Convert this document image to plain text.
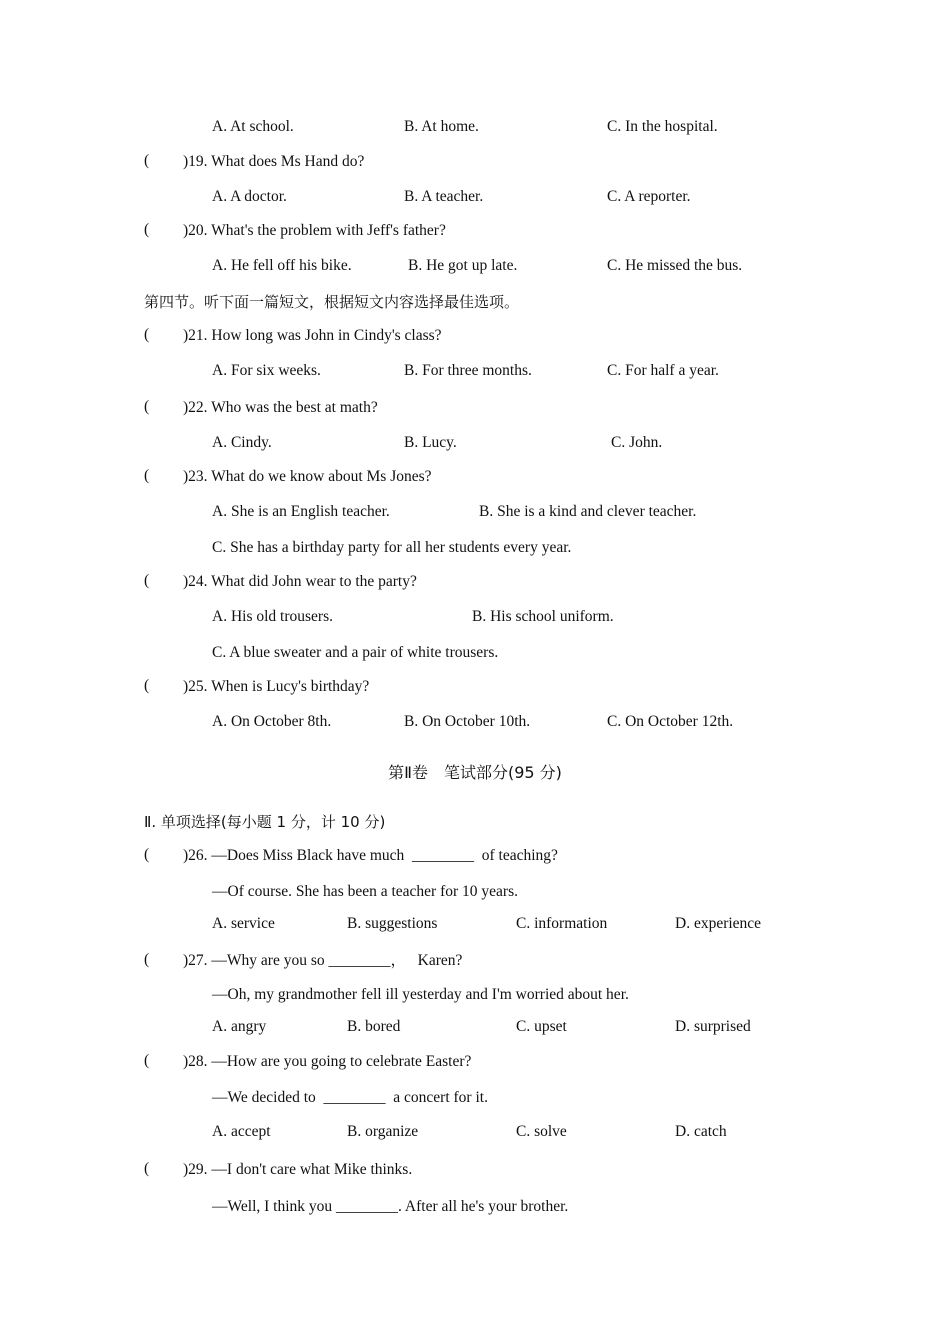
A. At school.	B. At home.	C. In the hospital.
( )19. What does Ms Hand do?
A. A doctor.	B. A teacher.	C. A reporter.
( )20. What's the problem with Jeff's father?
A. He fell off his bike.	B. He got up late.	C. He missed the bus.
第四节。听下面一篇短文，根据短文内容选择最佳选项。
( )21. How long was John in Cindy's class?
A. For six weeks.	B. For three months.	C. For half a year.
( )22. Who was the best at math?
A. Cindy.	B. Lucy.	C. John.
( )23. What do we know about Ms Jones?
A. She is an English teacher.	B. She is a kind and clever teacher.
C. She has a birthday party for all her students every year.
( )24. What did John wear to the party?
A. His old trousers.	B. His school uniform.
C. A blue sweater and a pair of white trousers.
( )25. When is Lucy's birthday?
A. On October 8th.	B. On October 10th.	C. On October 12th.
第Ⅱ卷　笔试部分(95 分)
Ⅱ. 单项选择(每小题 1 分，计 10 分)
( )26. —Does Miss Black have much  ________  of teaching?
—Of course. She has been a teacher for 10 years.
A. service	B. suggestions	C. information	D. experience
( )27. —Why are you so ________，   Karen?
—Oh, my grandmother fell ill yesterday and I'm worried about her.
A. angry	B. bored	C. upset	D. surprised
( )28. —How are you going to celebrate Easter?
—We decided to  ________  a concert for it.
A. accept	B. organize	C. solve	D. catch
( )29. —I don't care what Mike thinks.
—Well, I think you ________. After all he's your brother.
